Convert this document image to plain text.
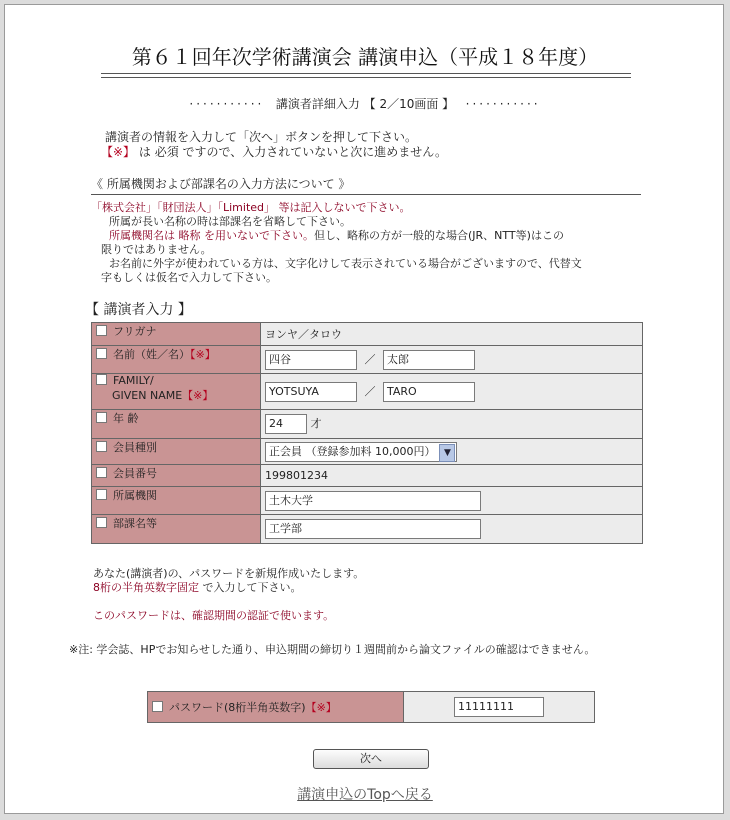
第６１回年次学術講演会 講演申込（平成１８年度）
··········· 講演者詳細入力 【 2／10画面 】 ···········
講演者の情報を入力して「次へ」ボタンを押して下さい。
【※】 は 必須 ですので、入力されていないと次に進めません。
《 所属機関および部課名の入力方法について 》
「株式会社」「財団法人」「Limited」 等は記入しないで下さい。
所属が長い名称の時は部課名を省略して下さい。
所属機関名は 略称 を用いないで下さい。但し、略称の方が一般的な場合(JR、NTT等)はこの
限りではありません。
お名前に外字が使われている方は、文字化けして表示されている場合がございますので、代替文
字もしくは仮名で入力して下さい。
【 講演者入力 】
フリガナ	ヨンヤ／タロウ
名前（姓／名）【※】	四谷 ／ 太郎
FAMILY/
GIVEN NAME【※】	YOTSUYA ／ TARO
年 齢	24 才
会員種別	正会員 （登録参加料 10,000円） ▼
会員番号	199801234
所属機関	土木大学
部課名等	工学部
あなた(講演者)の、パスワードを新規作成いたします。
8桁の半角英数字固定 で入力して下さい。
このパスワードは、確認期間の認証で使います。
※注: 学会誌、HPでお知らせした通り、申込期間の締切り１週間前から論文ファイルの確認はできません。
パスワード(8桁半角英数字)【※】	11111111
次へ
講演申込のTopへ戻る
